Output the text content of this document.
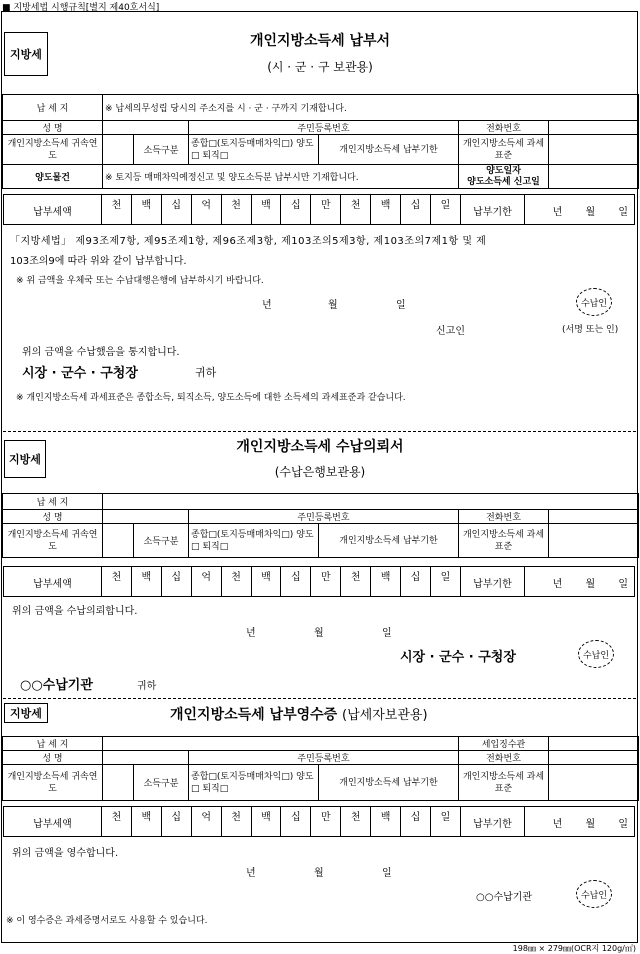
■ 지방세법 시행규칙[별지 제40호서식]
지방세
개인지방소득세 납부서
(시 · 군 · 구 보관용)
납 세 지	※ 납세의무성립 당시의 주소지를 시 · 군 · 구까지 기재합니다.					
성 명			주민등록번호		전화번호	
개인지방소득세 귀속연도		소득구분	종합□(토지등매매차익□) 양도□ 퇴직□	개인지방소득세 납부기한	개인지방소득세 과세표준	
양도물건	※ 토지등 매매차익예정신고 및 양도소득분 납부시만 기재합니다.				양도일자
양도소득세 신고일	

납부세액	천	백	십	억	천	백	십	만	천	백	십	일	납부기한	년 월 일
「지방세법」 제93조제7항, 제95조제1항, 제96조제3항, 제103조의5제3항, 제103조의7제1항 및 제
103조의9에 따라 위와 같이 납부합니다.
※ 위 금액을 우체국 또는 수납대행은행에 납부하시기 바랍니다.
년	월	일	수납인
신고인	(서명 또는 인)
위의 금액을 수납했음을 통지합니다.
시장 · 군수 · 구청장	귀하
※ 개인지방소득세 과세표준은 종합소득, 퇴직소득, 양도소득에 대한 소득세의 과세표준과 같습니다.
지방세
개인지방소득세 수납의뢰서
(수납은행보관용)
납 세 지						
성 명			주민등록번호		전화번호	
개인지방소득세 귀속연도		소득구분	종합□(토지등매매차익□) 양도□ 퇴직□	개인지방소득세 납부기한	개인지방소득세 과세표준	
납부세액	천	백	십	억	천	백	십	만	천	백	십	일	납부기한	년 월 일
위의 금액을 수납의뢰합니다.
년	월	일
시장 · 군수 · 구청장	수납인
○○수납기관	귀하
지방세	개인지방소득세 납부영수증 (납세자보관용)
납 세 지					세입징수관	
성 명			주민등록번호		전화번호	
개인지방소득세 귀속연도		소득구분	종합□(토지등매매차익□) 양도□ 퇴직□	개인지방소득세 납부기한	개인지방소득세 과세표준	
납부세액	천	백	십	억	천	백	십	만	천	백	십	일	납부기한	년 월 일
위의 금액을 영수합니다.
년	월	일
○○수납기관	수납인
※ 이 영수증은 과세증명서로도 사용할 수 있습니다.
198㎜ × 279㎜(OCR지 120g/㎡)
